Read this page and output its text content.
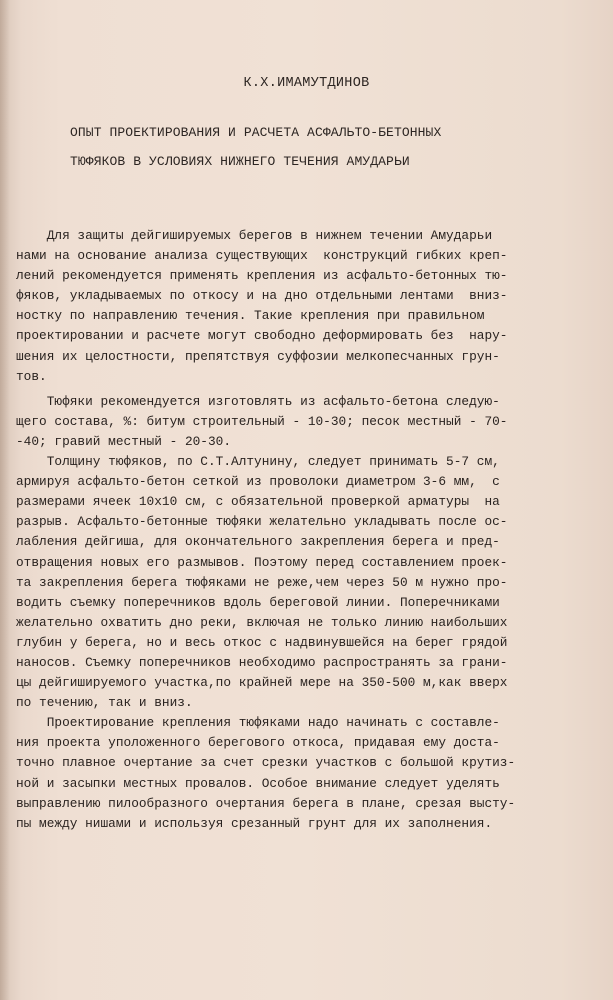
К.Х.ИМАМУТДИНОВ
ОПЫТ ПРОЕКТИРОВАНИЯ И РАСЧЕТА АСФАЛЬТО-БЕТОННЫХ
ТЮФЯКОВ В УСЛОВИЯХ НИЖНЕГО ТЕЧЕНИЯ АМУДАРЬИ
Для защиты дейгишируемых берегов в нижнем течении Амударьи
нами на основание анализа существующих  конструкций гибких креп-
лений рекомендуется применять крепления из асфальто-бетонных тю-
фяков, укладываемых по откосу и на дно отдельными лентами  вниз-
ностку по направлению течения. Такие крепления при правильном
проектировании и расчете могут свободно деформировать без  нару-
шения их целостности, препятствуя суффозии мелкопесчанных грун-
тов.
Тюфяки рекомендуется изготовлять из асфальто-бетона следую-
щего состава, %: битум строительный - 10-30; песок местный - 70-
-40; гравий местный - 20-30.
Толщину тюфяков, по С.Т.Алтунину, следует принимать 5-7 см,
армируя асфальто-бетон сеткой из проволоки диаметром 3-6 мм,  с
размерами ячеек 10х10 см, с обязательной проверкой арматуры  на
разрыв. Асфальто-бетонные тюфяки желательно укладывать после ос-
лабления дейгиша, для окончательного закрепления берега и пред-
отвращения новых его размывов. Поэтому перед составлением проек-
та закрепления берега тюфяками не реже,чем через 50 м нужно про-
водить съемку поперечников вдоль береговой линии. Поперечниками
желательно охватить дно реки, включая не только линию наибольших
глубин у берега, но и весь откос с надвинувшейся на берег грядой
наносов. Съемку поперечников необходимо распространять за грани-
цы дейгишируемого участка,по крайней мере на 350-500 м,как вверх
по течению, так и вниз.
Проектирование крепления тюфяками надо начинать с составле-
ния проекта уположенного берегового откоса, придавая ему доста-
точно плавное очертание за счет срезки участков с большой крутиз-
ной и засыпки местных провалов. Особое внимание следует уделять
выправлению пилообразного очертания берега в плане, срезая высту-
пы между нишами и используя срезанный грунт для их заполнения.
